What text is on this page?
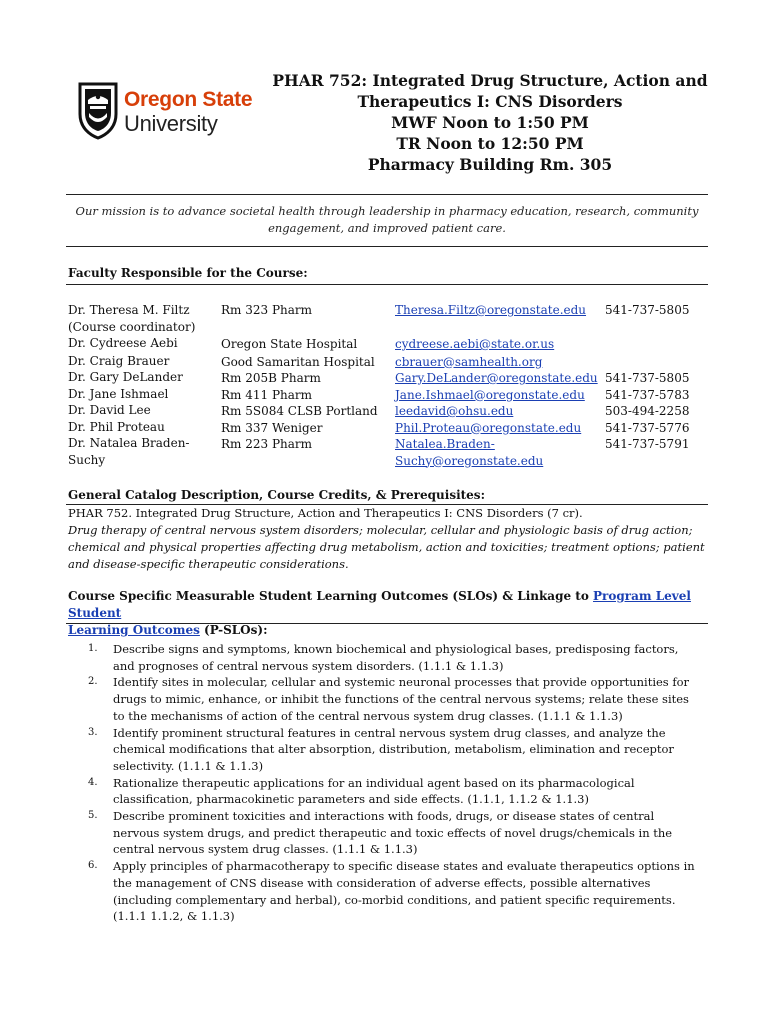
Oregon State
University
PHAR 752: Integrated Drug Structure, Action and
Therapeutics I: CNS Disorders
MWF Noon to 1:50 PM
TR Noon to 12:50 PM
Pharmacy Building Rm. 305
Our mission is to advance societal health through leadership in pharmacy education, research, community
engagement, and improved patient care.
Faculty Responsible for the Course:
Dr. Theresa M. Filtz
(Course coordinator)
Dr. Cydreese Aebi
Dr. Craig Brauer
Dr. Gary DeLander
Dr. Jane Ishmael
Dr. David Lee
Dr. Phil Proteau
Dr. Natalea Braden-
Suchy
Rm 323 Pharm
Oregon State Hospital
Good Samaritan Hospital
Rm 205B Pharm
Rm 411 Pharm
Rm 5S084 CLSB Portland
Rm 337 Weniger
Rm 223 Pharm
Theresa.Filtz@oregonstate.edu
cydreese.aebi@state.or.us
cbrauer@samhealth.org
Gary.DeLander@oregonstate.edu
Jane.Ishmael@oregonstate.edu
leedavid@ohsu.edu
Phil.Proteau@oregonstate.edu
Natalea.Braden-
Suchy@oregonstate.edu
541-737-5805
541-737-5805
541-737-5783
503-494-2258
541-737-5776
541-737-5791
General Catalog Description, Course Credits, & Prerequisites:
PHAR 752. Integrated Drug Structure, Action and Therapeutics I: CNS Disorders (7 cr).
Drug therapy of central nervous system disorders; molecular, cellular and physiologic basis of drug action;
chemical and physical properties affecting drug metabolism, action and toxicities; treatment options; patient
and disease-specific therapeutic considerations.
Course Specific Measurable Student Learning Outcomes (SLOs) & Linkage to Program Level Student
Learning Outcomes (P-SLOs):
1. Describe signs and symptoms, known biochemical and physiological bases, predisposing factors,
and prognoses of central nervous system disorders. (1.1.1 & 1.1.3)
2. Identify sites in molecular, cellular and systemic neuronal processes that provide opportunities for
drugs to mimic, enhance, or inhibit the functions of the central nervous systems; relate these sites
to the mechanisms of action of the central nervous system drug classes. (1.1.1 & 1.1.3)
3. Identify prominent structural features in central nervous system drug classes, and analyze the
chemical modifications that alter absorption, distribution, metabolism, elimination and receptor
selectivity. (1.1.1 & 1.1.3)
4. Rationalize therapeutic applications for an individual agent based on its pharmacological
classification, pharmacokinetic parameters and side effects. (1.1.1, 1.1.2 & 1.1.3)
5. Describe prominent toxicities and interactions with foods, drugs, or disease states of central
nervous system drugs, and predict therapeutic and toxic effects of novel drugs/chemicals in the
central nervous system drug classes. (1.1.1 & 1.1.3)
6. Apply principles of pharmacotherapy to specific disease states and evaluate therapeutics options in
the management of CNS disease with consideration of adverse effects, possible alternatives
(including complementary and herbal), co-morbid conditions, and patient specific requirements.
(1.1.1 1.1.2, & 1.1.3)
